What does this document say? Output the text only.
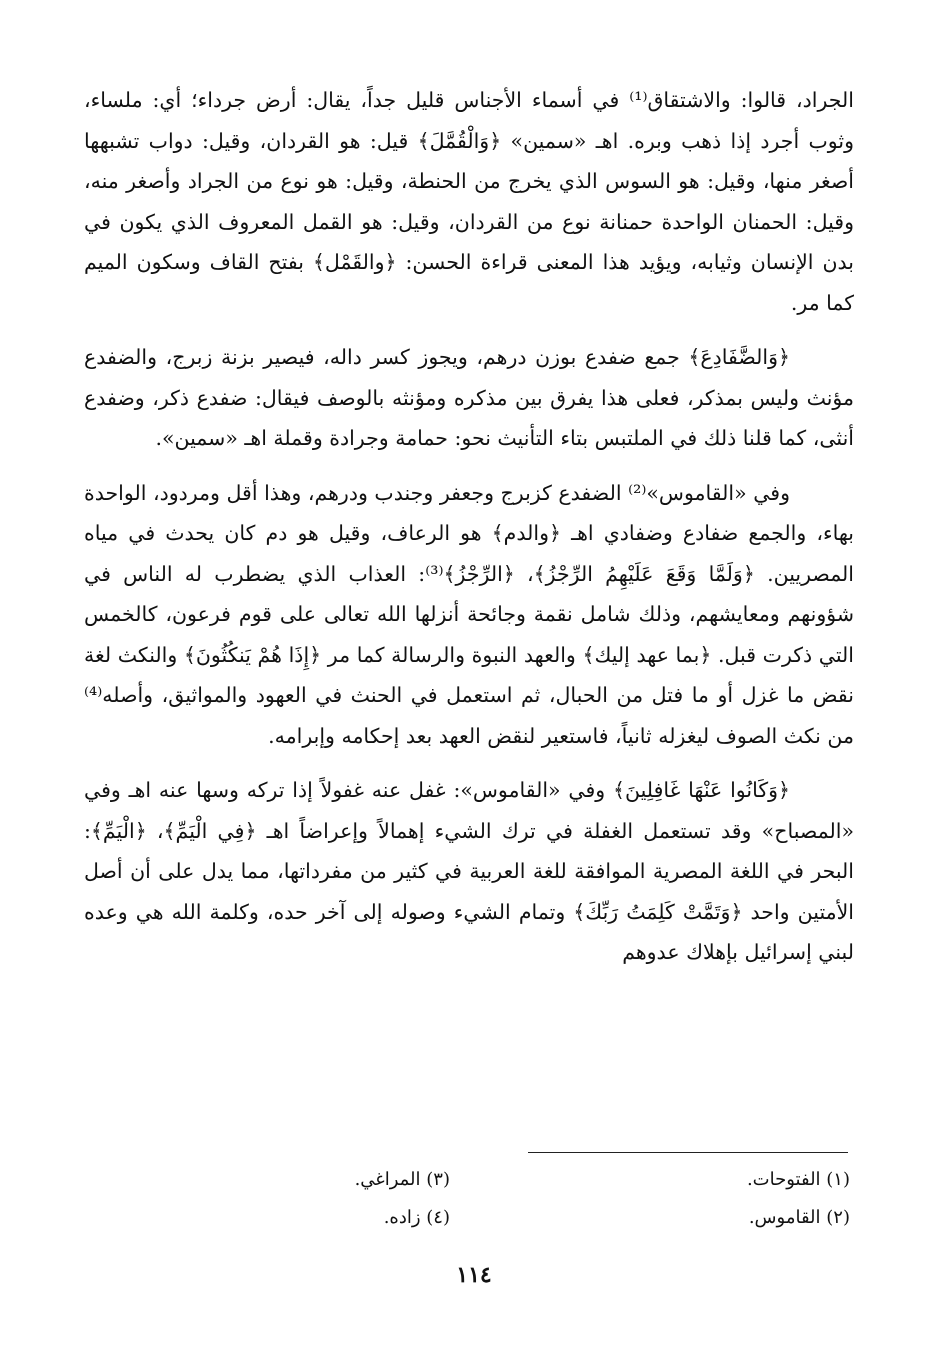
الجراد، قالوا: والاشتقاق⁽¹⁾ في أسماء الأجناس قليل جداً، يقال: أرض جرداء؛ أي: ملساء، وثوب أجرد إذا ذهب وبره. اهـ «سمين» ﴿وَالْقُمَّلَ﴾ قيل: هو القردان، وقيل: دواب تشبهها أصغر منها، وقيل: هو السوس الذي يخرج من الحنطة، وقيل: هو نوع من الجراد وأصغر منه، وقيل: الحمنان الواحدة حمنانة نوع من القردان، وقيل: هو القمل المعروف الذي يكون في بدن الإنسان وثيابه، ويؤيد هذا المعنى قراءة الحسن: ﴿والقَمْل﴾ بفتح القاف وسكون الميم كما مر.

﴿وَالضَّفَادِعَ﴾ جمع ضفدع بوزن درهم، ويجوز كسر داله، فيصير بزنة زبرج، والضفدع مؤنث وليس بمذكر، فعلى هذا يفرق بين مذكره ومؤنثه بالوصف فيقال: ضفدع ذكر، وضفدع أنثى، كما قلنا ذلك في الملتبس بتاء التأنيث نحو: حمامة وجرادة وقملة اهـ «سمين».

وفي «القاموس»⁽²⁾ الضفدع كزبرج وجعفر وجندب ودرهم، وهذا أقل ومردود، الواحدة بهاء، والجمع ضفادع وضفادي اهـ ﴿والدم﴾ هو الرعاف، وقيل هو دم كان يحدث في مياه المصريين. ﴿وَلَمَّا وَقَعَ عَلَيْهِمُ الرِّجْزُ﴾، ﴿الرِّجْزُ﴾⁽³⁾: العذاب الذي يضطرب له الناس في شؤونهم ومعايشهم، وذلك شامل نقمة وجائحة أنزلها الله تعالى على قوم فرعون، كالخمس التي ذكرت قبل. ﴿بما عهد إليك﴾ والعهد النبوة والرسالة كما مر ﴿إِذَا هُمْ يَنكُثُونَ﴾ والنكث لغة نقض ما غزل أو ما فتل من الحبال، ثم استعمل في الحنث في العهود والمواثيق، وأصله⁽⁴⁾ من نكث الصوف ليغزله ثانياً، فاستعير لنقض العهد بعد إحكامه وإبرامه.

﴿وَكَانُوا عَنْهَا غَافِلِينَ﴾ وفي «القاموس»: غفل عنه غفولاً إذا تركه وسها عنه اهـ وفي «المصباح» وقد تستعمل الغفلة في ترك الشيء إهمالاً وإعراضاً اهـ ﴿فِي الْيَمِّ﴾، ﴿الْيَمِّ﴾: البحر في اللغة المصرية الموافقة للغة العربية في كثير من مفرداتها، مما يدل على أن أصل الأمتين واحد ﴿وَتَمَّتْ كَلِمَتُ رَبِّكَ﴾ وتمام الشيء وصوله إلى آخر حده، وكلمة الله هي وعده لبني إسرائيل بإهلاك عدوهم

(١) الفتوحات.
(٣) المراغي.
(٢) القاموس.
(٤) زاده.
١١٤
